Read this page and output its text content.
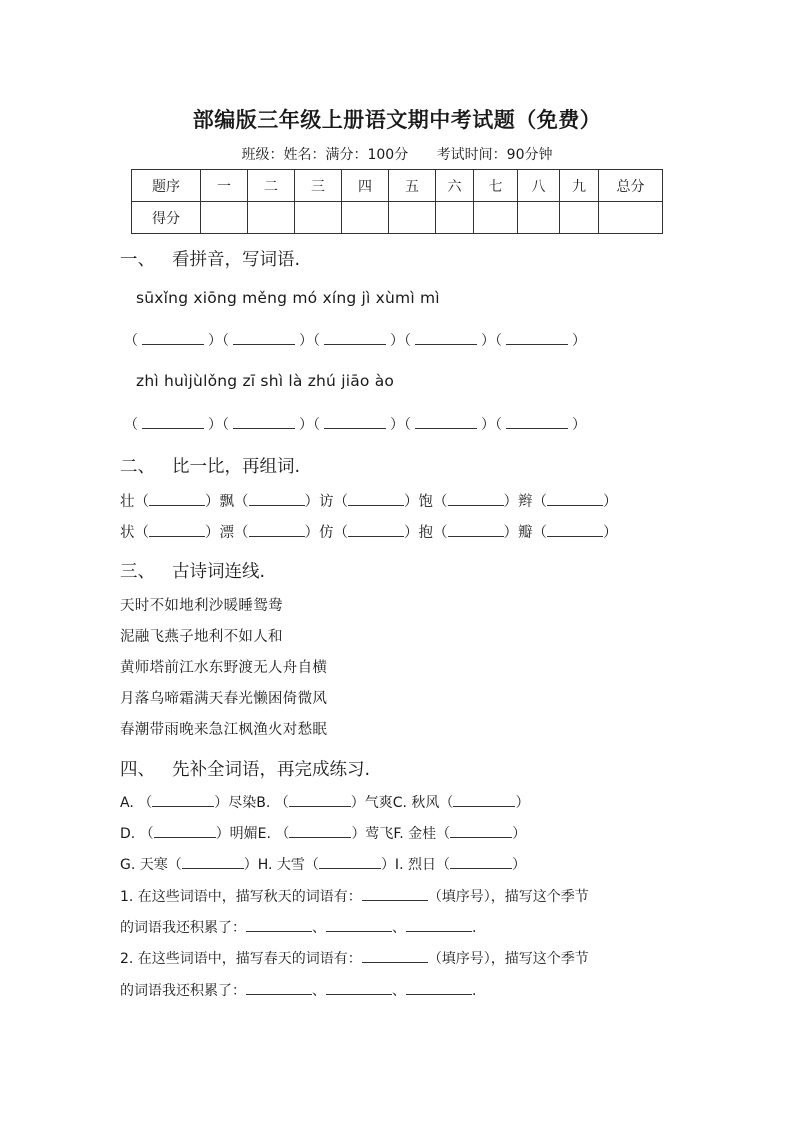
部编版三年级上册语文期中考试题（免费）
班级：姓名：满分：100分 考试时间：90分钟
题序	一	二	三	四	五	六	七	八	九	总分
得分										
一、 看拼音，写词语.
sūxǐng xiōng měng mó xíng jì xùmì mì
（	）（	）（	）（	）（	）
zhì huìjùlǒng zī shì là zhú jiāo ào
（	）（	）（	）（	）（	）
二、 比一比，再组词.
壮（	）飘（	）访（	）饱（	）辫（	）
状（	）漂（	）仿（	）抱（	）瓣（	）
三、 古诗词连线.
天时不如地利沙暖睡鸳鸯
泥融飞燕子地利不如人和
黄师塔前江水东野渡无人舟自横
月落乌啼霜满天春光懒困倚微风
春潮带雨晚来急江枫渔火对愁眠
四、 先补全词语，再完成练习.
A. （	）尽染B. （	）气爽C. 秋风（	）
D. （	）明媚E. （	）莺飞F. 金桂（	）
G. 天寒（	）H. 大雪（	）I. 烈日（	）
1. 在这些词语中，描写秋天的词语有：	（填序号），描写这个季节
的词语我还积累了：	、	、	.
2. 在这些词语中，描写春天的词语有：	（填序号），描写这个季节
的词语我还积累了：	、	、	.
